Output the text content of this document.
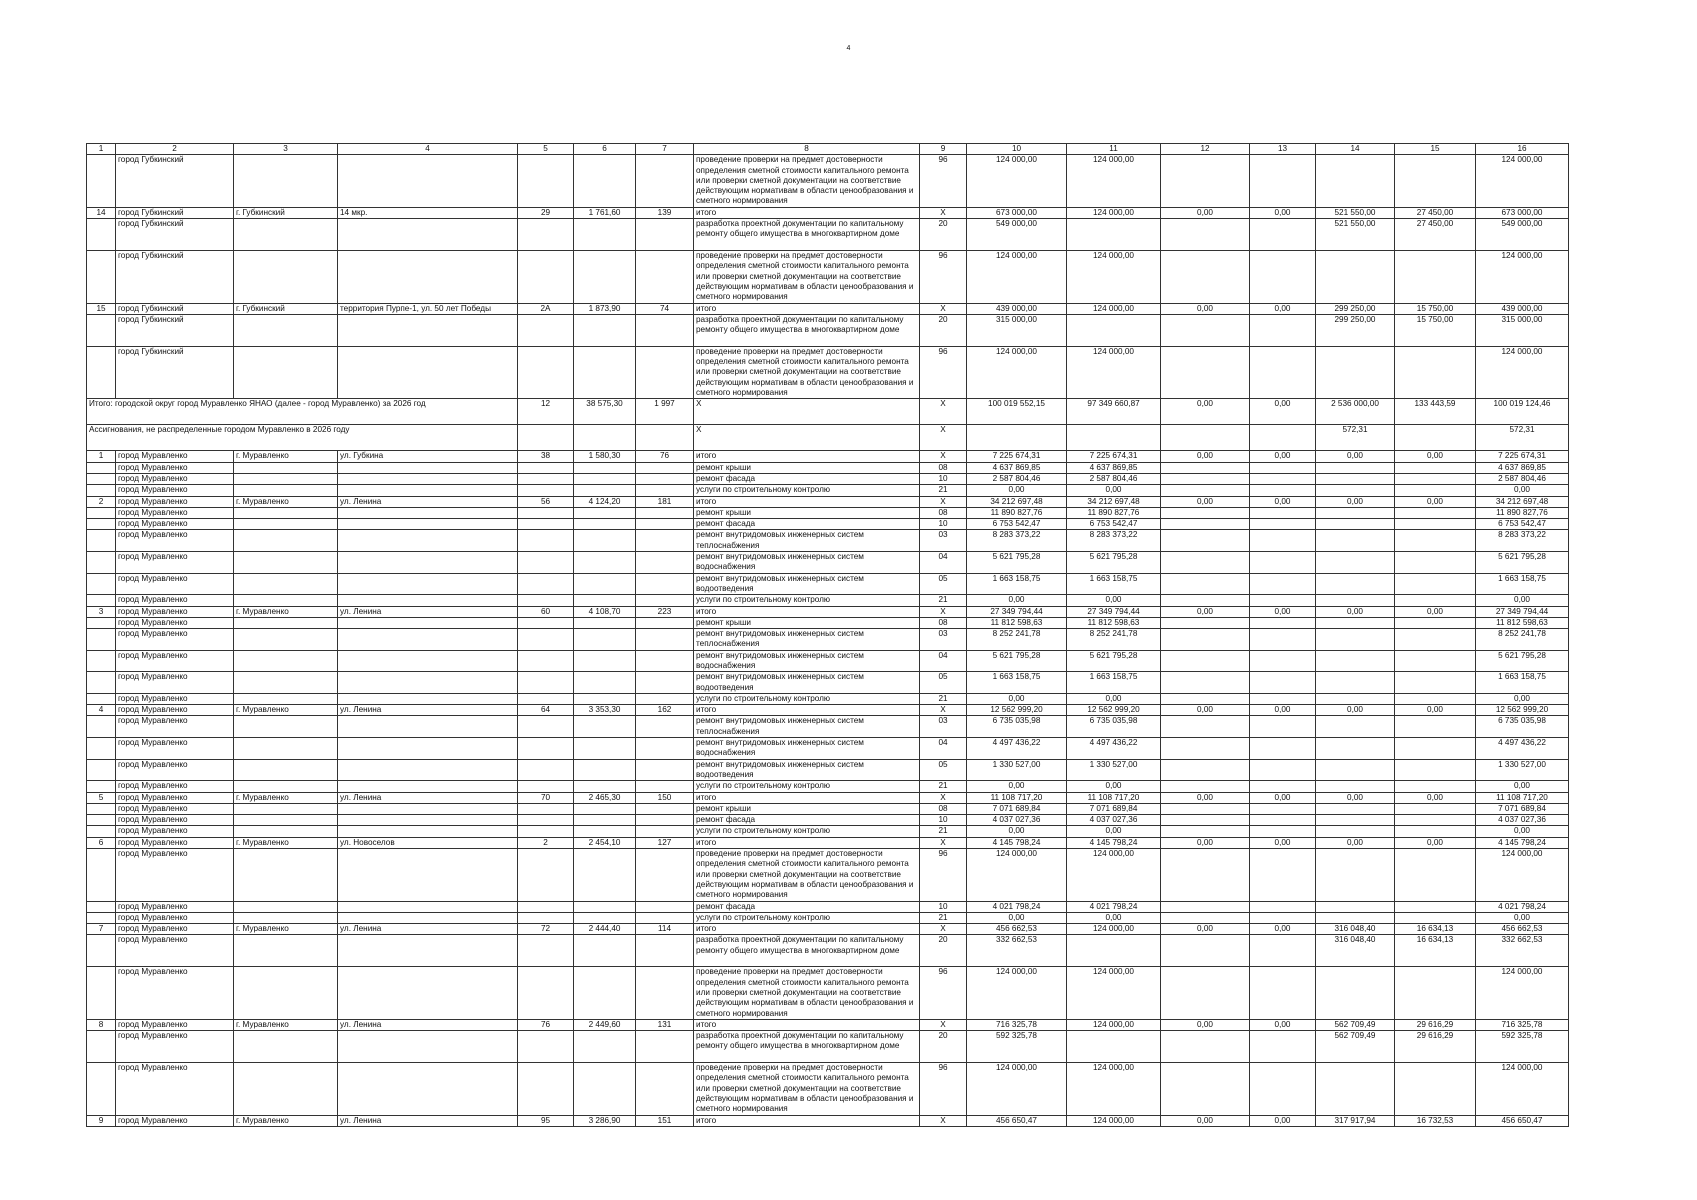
4
1	2	3	4	5	6	7	8	9	10	11	12	13	14	15	16
	город Губкинский						проведение проверки на предмет достоверности определения сметной стоимости капитального ремонта или проверки сметной документации на соответствие действующим нормативам в области ценообразования и сметного нормирования	96	124 000,00	124 000,00					124 000,00
14	город Губкинский	г. Губкинский	14 мкр.	29	1 761,60	139	итого	X	673 000,00	124 000,00	0,00	0,00	521 550,00	27 450,00	673 000,00
	город Губкинский						разработка проектной документации по капитальному ремонту общего имущества в многоквартирном доме	20	549 000,00				521 550,00	27 450,00	549 000,00
	город Губкинский						проведение проверки на предмет достоверности определения сметной стоимости капитального ремонта или проверки сметной документации на соответствие действующим нормативам в области ценообразования и сметного нормирования	96	124 000,00	124 000,00					124 000,00
15	город Губкинский	г. Губкинский	территория Пурпе-1, ул. 50 лет Победы	2А	1 873,90	74	итого	X	439 000,00	124 000,00	0,00	0,00	299 250,00	15 750,00	439 000,00
	город Губкинский						разработка проектной документации по капитальному ремонту общего имущества в многоквартирном доме	20	315 000,00				299 250,00	15 750,00	315 000,00
	город Губкинский						проведение проверки на предмет достоверности определения сметной стоимости капитального ремонта или проверки сметной документации на соответствие действующим нормативам в области ценообразования и сметного нормирования	96	124 000,00	124 000,00					124 000,00
Итого: городской округ город Муравленко ЯНАО (далее - город Муравленко) за 2026 год				12	38 575,30	1 997	X	X	100 019 552,15	97 349 660,87	0,00	0,00	2 536 000,00	133 443,59	100 019 124,46
Ассигнования, не распределенные городом Муравленко в 2026 году							X	X					572,31		572,31
1	город Муравленко	г. Муравленко	ул. Губкина	38	1 580,30	76	итого	X	7 225 674,31	7 225 674,31	0,00	0,00	0,00	0,00	7 225 674,31
	город Муравленко						ремонт крыши	08	4 637 869,85	4 637 869,85					4 637 869,85
	город Муравленко						ремонт фасада	10	2 587 804,46	2 587 804,46					2 587 804,46
	город Муравленко						услуги по строительному контролю	21	0,00	0,00					0,00
2	город Муравленко	г. Муравленко	ул. Ленина	56	4 124,20	181	итого	X	34 212 697,48	34 212 697,48	0,00	0,00	0,00	0,00	34 212 697,48
	город Муравленко						ремонт крыши	08	11 890 827,76	11 890 827,76					11 890 827,76
	город Муравленко						ремонт фасада	10	6 753 542,47	6 753 542,47					6 753 542,47
	город Муравленко						ремонт внутридомовых инженерных систем теплоснабжения	03	8 283 373,22	8 283 373,22					8 283 373,22
	город Муравленко						ремонт внутридомовых инженерных систем водоснабжения	04	5 621 795,28	5 621 795,28					5 621 795,28
	город Муравленко						ремонт внутридомовых инженерных систем водоотведения	05	1 663 158,75	1 663 158,75					1 663 158,75
	город Муравленко						услуги по строительному контролю	21	0,00	0,00					0,00
3	город Муравленко	г. Муравленко	ул. Ленина	60	4 108,70	223	итого	X	27 349 794,44	27 349 794,44	0,00	0,00	0,00	0,00	27 349 794,44
	город Муравленко						ремонт крыши	08	11 812 598,63	11 812 598,63					11 812 598,63
	город Муравленко						ремонт внутридомовых инженерных систем теплоснабжения	03	8 252 241,78	8 252 241,78					8 252 241,78
	город Муравленко						ремонт внутридомовых инженерных систем водоснабжения	04	5 621 795,28	5 621 795,28					5 621 795,28
	город Муравленко						ремонт внутридомовых инженерных систем водоотведения	05	1 663 158,75	1 663 158,75					1 663 158,75
	город Муравленко						услуги по строительному контролю	21	0,00	0,00					0,00
4	город Муравленко	г. Муравленко	ул. Ленина	64	3 353,30	162	итого	X	12 562 999,20	12 562 999,20	0,00	0,00	0,00	0,00	12 562 999,20
	город Муравленко						ремонт внутридомовых инженерных систем теплоснабжения	03	6 735 035,98	6 735 035,98					6 735 035,98
	город Муравленко						ремонт внутридомовых инженерных систем водоснабжения	04	4 497 436,22	4 497 436,22					4 497 436,22
	город Муравленко						ремонт внутридомовых инженерных систем водоотведения	05	1 330 527,00	1 330 527,00					1 330 527,00
	город Муравленко						услуги по строительному контролю	21	0,00	0,00					0,00
5	город Муравленко	г. Муравленко	ул. Ленина	70	2 465,30	150	итого	X	11 108 717,20	11 108 717,20	0,00	0,00	0,00	0,00	11 108 717,20
	город Муравленко						ремонт крыши	08	7 071 689,84	7 071 689,84					7 071 689,84
	город Муравленко						ремонт фасада	10	4 037 027,36	4 037 027,36					4 037 027,36
	город Муравленко						услуги по строительному контролю	21	0,00	0,00					0,00
6	город Муравленко	г. Муравленко	ул. Новоселов	2	2 454,10	127	итого	X	4 145 798,24	4 145 798,24	0,00	0,00	0,00	0,00	4 145 798,24
	город Муравленко						проведение проверки на предмет достоверности определения сметной стоимости капитального ремонта или проверки сметной документации на соответствие действующим нормативам в области ценообразования и сметного нормирования	96	124 000,00	124 000,00					124 000,00
	город Муравленко						ремонт фасада	10	4 021 798,24	4 021 798,24					4 021 798,24
	город Муравленко						услуги по строительному контролю	21	0,00	0,00					0,00
7	город Муравленко	г. Муравленко	ул. Ленина	72	2 444,40	114	итого	X	456 662,53	124 000,00	0,00	0,00	316 048,40	16 634,13	456 662,53
	город Муравленко						разработка проектной документации по капитальному ремонту общего имущества в многоквартирном доме	20	332 662,53				316 048,40	16 634,13	332 662,53
	город Муравленко						проведение проверки на предмет достоверности определения сметной стоимости капитального ремонта или проверки сметной документации на соответствие действующим нормативам в области ценообразования и сметного нормирования	96	124 000,00	124 000,00					124 000,00
8	город Муравленко	г. Муравленко	ул. Ленина	76	2 449,60	131	итого	X	716 325,78	124 000,00	0,00	0,00	562 709,49	29 616,29	716 325,78
	город Муравленко						разработка проектной документации по капитальному ремонту общего имущества в многоквартирном доме	20	592 325,78				562 709,49	29 616,29	592 325,78
	город Муравленко						проведение проверки на предмет достоверности определения сметной стоимости капитального ремонта или проверки сметной документации на соответствие действующим нормативам в области ценообразования и сметного нормирования	96	124 000,00	124 000,00					124 000,00
9	город Муравленко	г. Муравленко	ул. Ленина	95	3 286,90	151	итого	X	456 650,47	124 000,00	0,00	0,00	317 917,94	16 732,53	456 650,47
